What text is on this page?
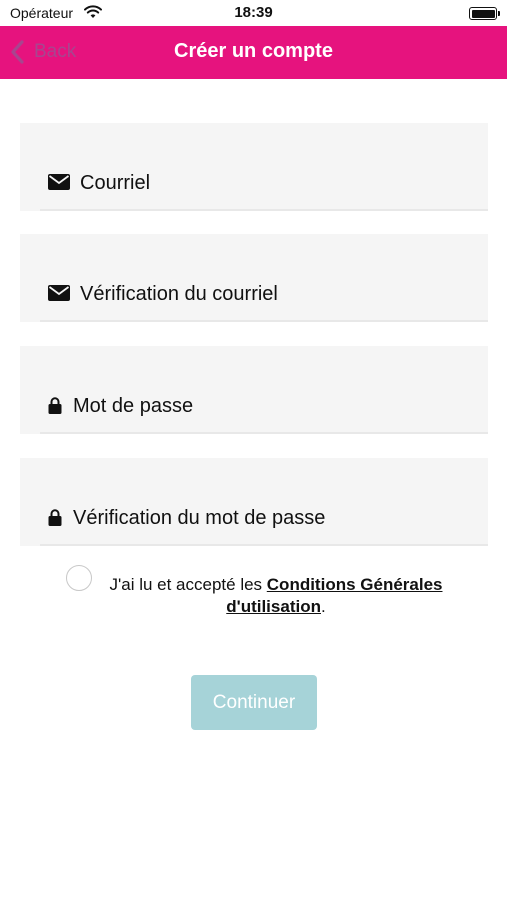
Opérateur	18:39
Back	Créer un compte
Courriel
Vérification du courriel
Mot de passe
Vérification du mot de passe
J'ai lu et accepté les Conditions Générales d'utilisation.
Continuer
